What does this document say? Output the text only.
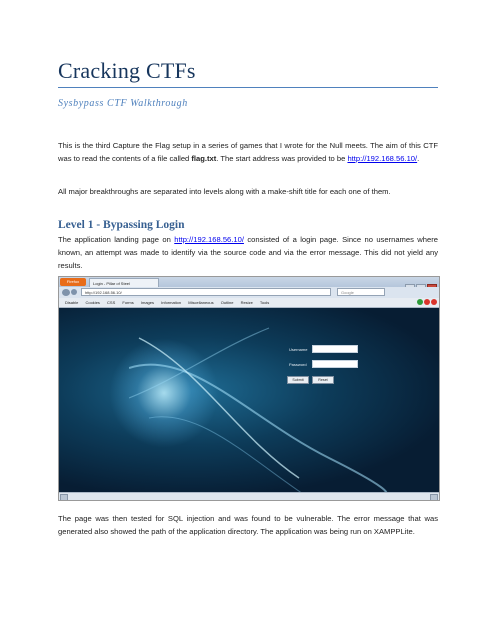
Cracking CTFs
Sysbypass CTF Walkthrough
This is the third Capture the Flag setup in a series of games that I wrote for the Null meets. The aim of this CTF was to read the contents of a file called flag.txt. The start address was provided to be http://192.168.56.10/.
All major breakthroughs are separated into levels along with a make-shift title for each one of them.
Level 1 - Bypassing Login
The application landing page on http://192.168.56.10/ consisted of a login page. Since no usernames where known, an attempt was made to identify via the source code and via the error message. This did not yield any results.
Firefox	Login - Pillar of Steel
http://192.168.56.10/	Google
Disable Cookies CSS Forms Images Information Miscellaneous Outline Resize Tools
Username
Password
Submit	Reset
The page was then tested for SQL injection and was found to be vulnerable. The error message that was generated also showed the path of the application directory. The application was being run on XAMPPLite.
